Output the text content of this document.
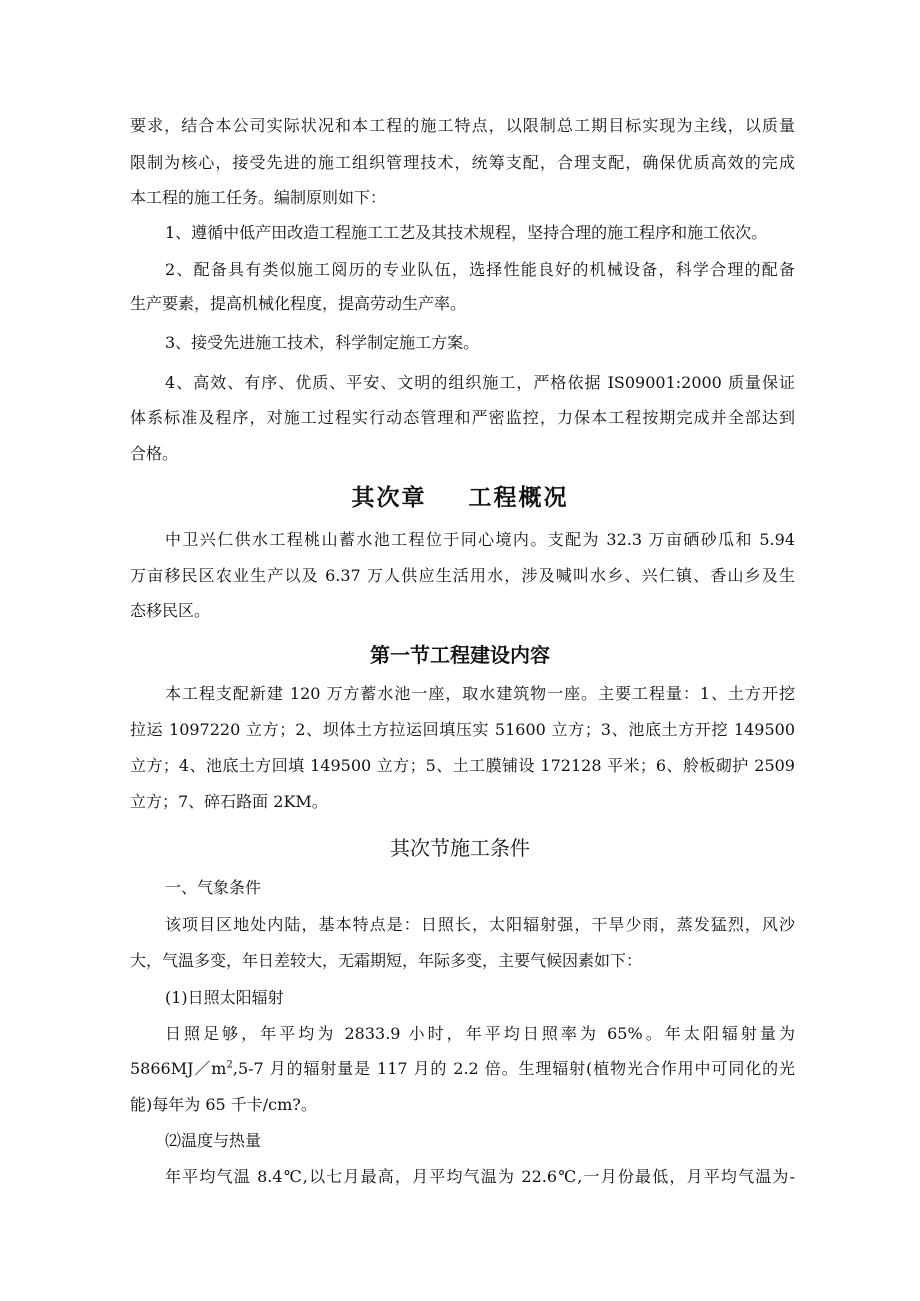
要求，结合本公司实际状况和本工程的施工特点，以限制总工期目标实现为主线，以质量
限制为核心，接受先进的施工组织管理技术，统筹支配，合理支配，确保优质高效的完成
本工程的施工任务。编制原则如下：
1、遵循中低产田改造工程施工工艺及其技术规程，坚持合理的施工程序和施工依次。
2、配备具有类似施工阅历的专业队伍，选择性能良好的机械设备，科学合理的配备
生产要素，提高机械化程度，提高劳动生产率。
3、接受先进施工技术，科学制定施工方案。
4、高效、有序、优质、平安、文明的组织施工，严格依据 IS09001:2000 质量保证
体系标准及程序，对施工过程实行动态管理和严密监控，力保本工程按期完成并全部达到
合格。
其次章 工程概况
中卫兴仁供水工程桃山蓄水池工程位于同心境内。支配为 32.3 万亩硒砂瓜和 5.94
万亩移民区农业生产以及 6.37 万人供应生活用水，涉及喊叫水乡、兴仁镇、香山乡及生
态移民区。
第一节工程建设内容
本工程支配新建 120 万方蓄水池一座，取水建筑物一座。主要工程量：1、土方开挖
拉运 1097220 立方；2、坝体土方拉运回填压实 51600 立方；3、池底土方开挖 149500
立方；4、池底土方回填 149500 立方；5、土工膜铺设 172128 平米；6、舲板砌护 2509
立方；7、碎石路面 2KM。
其次节施工条件
一、气象条件
该项目区地处内陆，基本特点是：日照长，太阳辐射强，干旱少雨，蒸发猛烈，风沙
大，气温多变，年日差较大，无霜期短，年际多变，主要气候因素如下：
(1)日照太阳辐射
日照足够，年平均为 2833.9 小时，年平均日照率为 65%。年太阳辐射量为
$5866MJ/m^2,5-7$ 月的辐射量是 117 月的 2.2 倍。生理辐射(植物光合作用中可同化的光
能)每年为 65 千卡/cm?。
⑵温度与热量
年平均气温 8.4℃,以七月最高，月平均气温为 22.6℃,一月份最低，月平均气温为-
